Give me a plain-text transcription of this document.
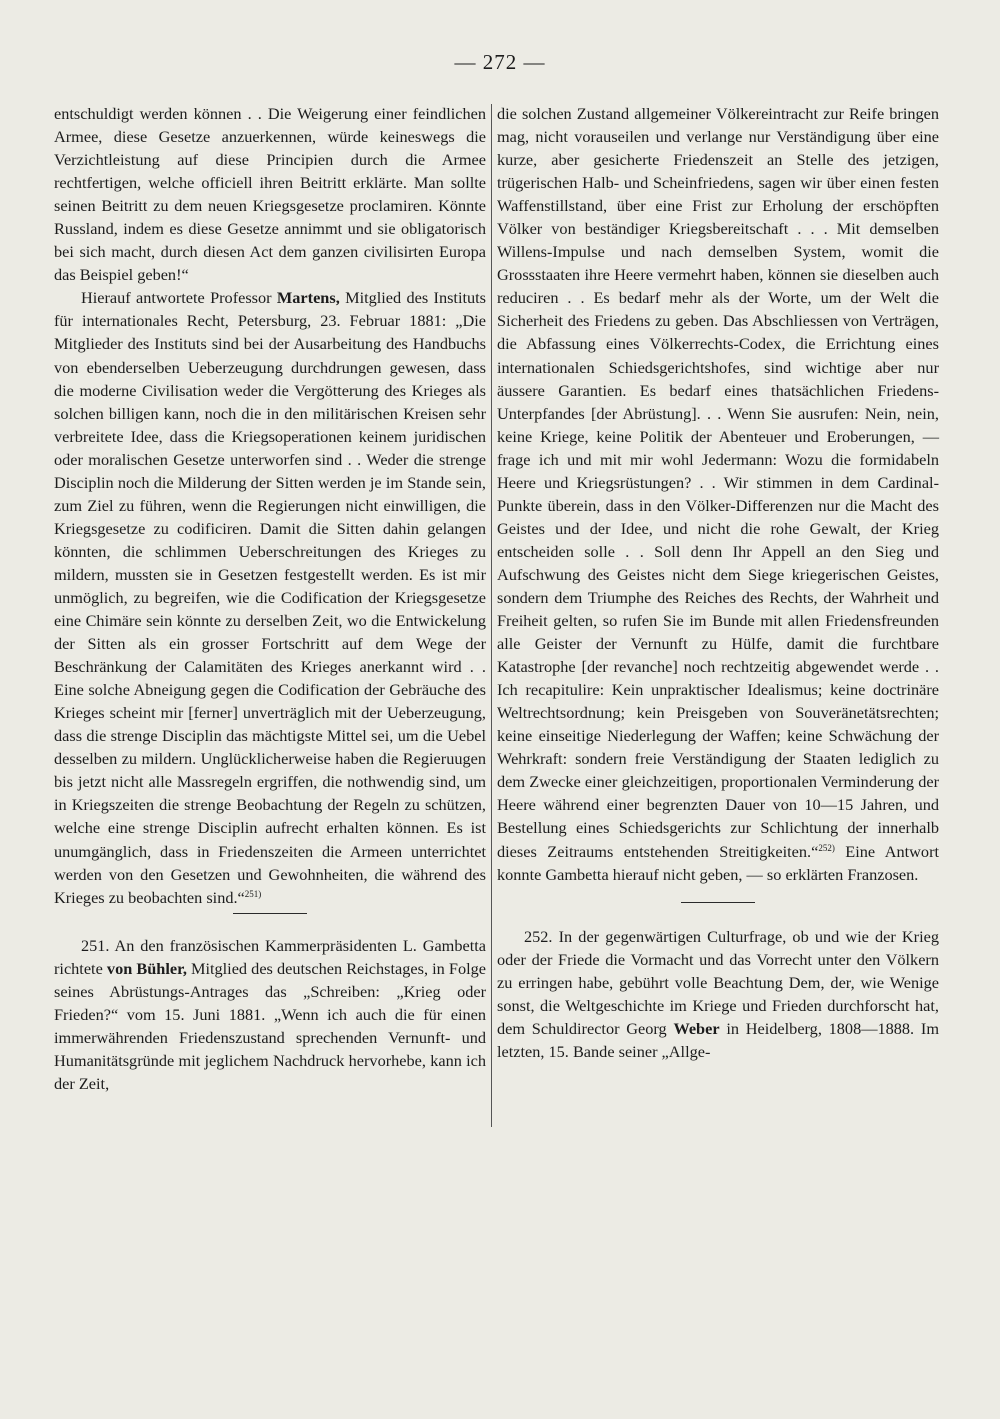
— 272 —

entschuldigt werden können . . Die Weigerung einer feindlichen Armee, diese Gesetze anzuerkennen, würde keineswegs die Verzichtleistung auf diese Principien durch die Armee rechtfertigen, welche officiell ihren Beitritt erklärte. Man sollte seinen Beitritt zu dem neuen Kriegsgesetze proclamiren. Könnte Russland, indem es diese Gesetze annimmt und sie obligatorisch bei sich macht, durch diesen Act dem ganzen civilisirten Europa das Beispiel geben!“

Hierauf antwortete Professor Martens, Mitglied des Instituts für internationales Recht, Petersburg, 23. Februar 1881: „Die Mitglieder des Instituts sind bei der Ausarbeitung des Handbuchs von ebenderselben Ueberzeugung durchdrungen gewesen, dass die moderne Civilisation weder die Vergötterung des Krieges als solchen billigen kann, noch die in den militärischen Kreisen sehr verbreitete Idee, dass die Kriegsoperationen keinem juridischen oder moralischen Gesetze unterworfen sind . . Weder die strenge Disciplin noch die Milderung der Sitten werden je im Stande sein, zum Ziel zu führen, wenn die Regierungen nicht einwilligen, die Kriegsgesetze zu codificiren. Damit die Sitten dahin gelangen könnten, die schlimmen Ueberschreitungen des Krieges zu mildern, mussten sie in Gesetzen festgestellt werden. Es ist mir unmöglich, zu begreifen, wie die Codification der Kriegsgesetze eine Chimäre sein könnte zu derselben Zeit, wo die Entwickelung der Sitten als ein grosser Fortschritt auf dem Wege der Beschränkung der Calamitäten des Krieges anerkannt wird . . Eine solche Abneigung gegen die Codification der Gebräuche des Krieges scheint mir [ferner] unverträglich mit der Ueberzeugung, dass die strenge Disciplin das mächtigste Mittel sei, um die Uebel desselben zu mildern. Unglücklicherweise haben die Regieruugen bis jetzt nicht alle Massregeln ergriffen, die nothwendig sind, um in Kriegszeiten die strenge Beobachtung der Regeln zu schützen, welche eine strenge Disciplin aufrecht erhalten können. Es ist unumgänglich, dass in Friedenszeiten die Armeen unterrichtet werden von den Gesetzen und Gewohnheiten, die während des Krieges zu beobachten sind.“$^{251)}$

251. An den französischen Kammerpräsidenten L. Gambetta richtete von Bühler, Mitglied des deutschen Reichstages, in Folge seines Abrüstungs-Antrages das „Schreiben: „Krieg oder Frieden?“ vom 15. Juni 1881. „Wenn ich auch die für einen immerwährenden Friedenszustand sprechenden Vernunft- und Humanitätsgründe mit jeglichem Nachdruck hervorhebe, kann ich der Zeit,

die solchen Zustand allgemeiner Völkereintracht zur Reife bringen mag, nicht vorauseilen und verlange nur Verständigung über eine kurze, aber gesicherte Friedenszeit an Stelle des jetzigen, trügerischen Halb- und Scheinfriedens, sagen wir über einen festen Waffenstillstand, über eine Frist zur Erholung der erschöpften Völker von beständiger Kriegsbereitschaft . . . Mit demselben Willens-Impulse und nach demselben System, womit die Grossstaaten ihre Heere vermehrt haben, können sie dieselben auch reduciren . . Es bedarf mehr als der Worte, um der Welt die Sicherheit des Friedens zu geben. Das Abschliessen von Verträgen, die Abfassung eines Völkerrechts-Codex, die Errichtung eines internationalen Schiedsgerichtshofes, sind wichtige aber nur äussere Garantien. Es bedarf eines thatsächlichen Friedens-Unterpfandes [der Abrüstung]. . . Wenn Sie ausrufen: Nein, nein, keine Kriege, keine Politik der Abenteuer und Eroberungen, — frage ich und mit mir wohl Jedermann: Wozu die formidabeln Heere und Kriegsrüstungen? . . Wir stimmen in dem Cardinal-Punkte überein, dass in den Völker-Differenzen nur die Macht des Geistes und der Idee, und nicht die rohe Gewalt, der Krieg entscheiden solle . . Soll denn Ihr Appell an den Sieg und Aufschwung des Geistes nicht dem Siege kriegerischen Geistes, sondern dem Triumphe des Reiches des Rechts, der Wahrheit und Freiheit gelten, so rufen Sie im Bunde mit allen Friedensfreunden alle Geister der Vernunft zu Hülfe, damit die furchtbare Katastrophe [der revanche] noch rechtzeitig abgewendet werde . . Ich recapitulire: Kein unpraktischer Idealismus; keine doctrinäre Weltrechtsordnung; kein Preisgeben von Souveränetätsrechten; keine einseitige Niederlegung der Waffen; keine Schwächung der Wehrkraft: sondern freie Verständigung der Staaten lediglich zu dem Zwecke einer gleichzeitigen, proportionalen Verminderung der Heere während einer begrenzten Dauer von 10—15 Jahren, und Bestellung eines Schiedsgerichts zur Schlichtung der innerhalb dieses Zeitraums entstehenden Streitigkeiten.“$^{252)}$ Eine Antwort konnte Gambetta hierauf nicht geben, — so erklärten Franzosen.

252. In der gegenwärtigen Culturfrage, ob und wie der Krieg oder der Friede die Vormacht und das Vorrecht unter den Völkern zu erringen habe, gebührt volle Beachtung Dem, der, wie Wenige sonst, die Weltgeschichte im Kriege und Frieden durchforscht hat, dem Schuldirector Georg Weber in Heidelberg, 1808—1888. Im letzten, 15. Bande seiner „Allge-
